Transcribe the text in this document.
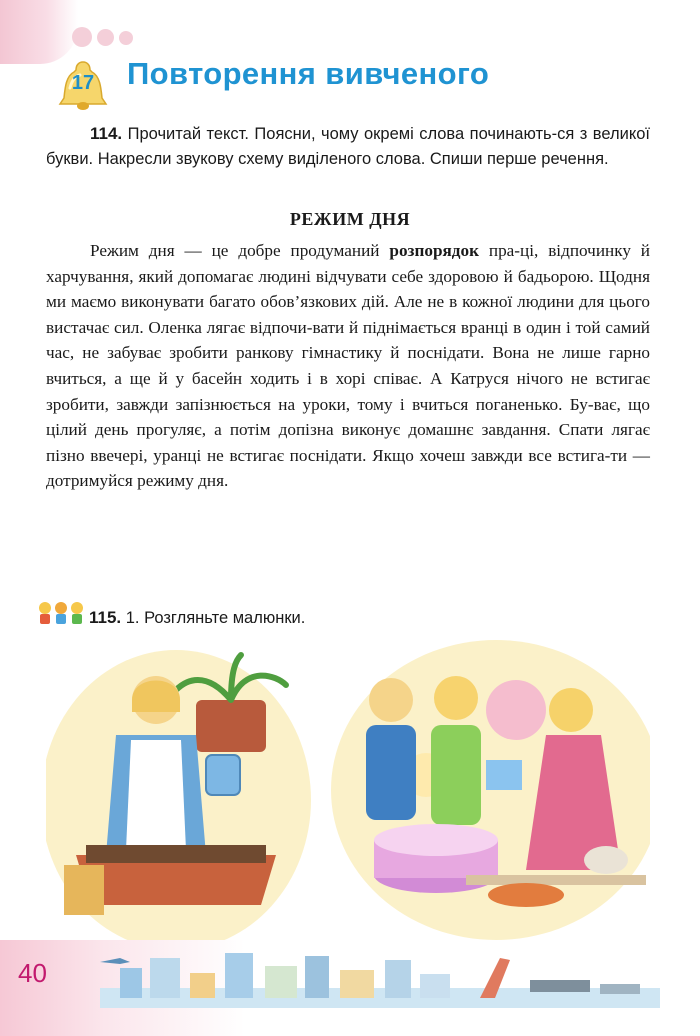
17	Повторення вивченого
114. Прочитай текст. Поясни, чому окремі слова починають-ся з великої букви. Накресли звукову схему виділеного слова. Спиши перше речення.
РЕЖИМ ДНЯ

Режим дня — це добре продуманий розпорядок пра-ці, відпочинку й харчування, який допомагає людині відчувати себе здоровою й бадьорою. Щодня ми маємо виконувати багато обов’язкових дій. Але не в кожної людини для цього вистачає сил. Оленка лягає відпочи-вати й піднімається вранці в один і той самий час, не забуває зробити ранкову гімнастику й поснідати. Вона не лише гарно вчиться, а ще й у басейн ходить і в хорі співає. А Катруся нічого не встигає зробити, завжди запізнюється на уроки, тому і вчиться поганенько. Бу-ває, що цілий день прогуляє, а потім допізна виконує домашнє завдання. Спати лягає пізно ввечері, уранці не встигає поснідати. Якщо хочеш завжди все встига-ти — дотримуйся режиму дня.

115. 1. Розгляньте малюнки.
40
